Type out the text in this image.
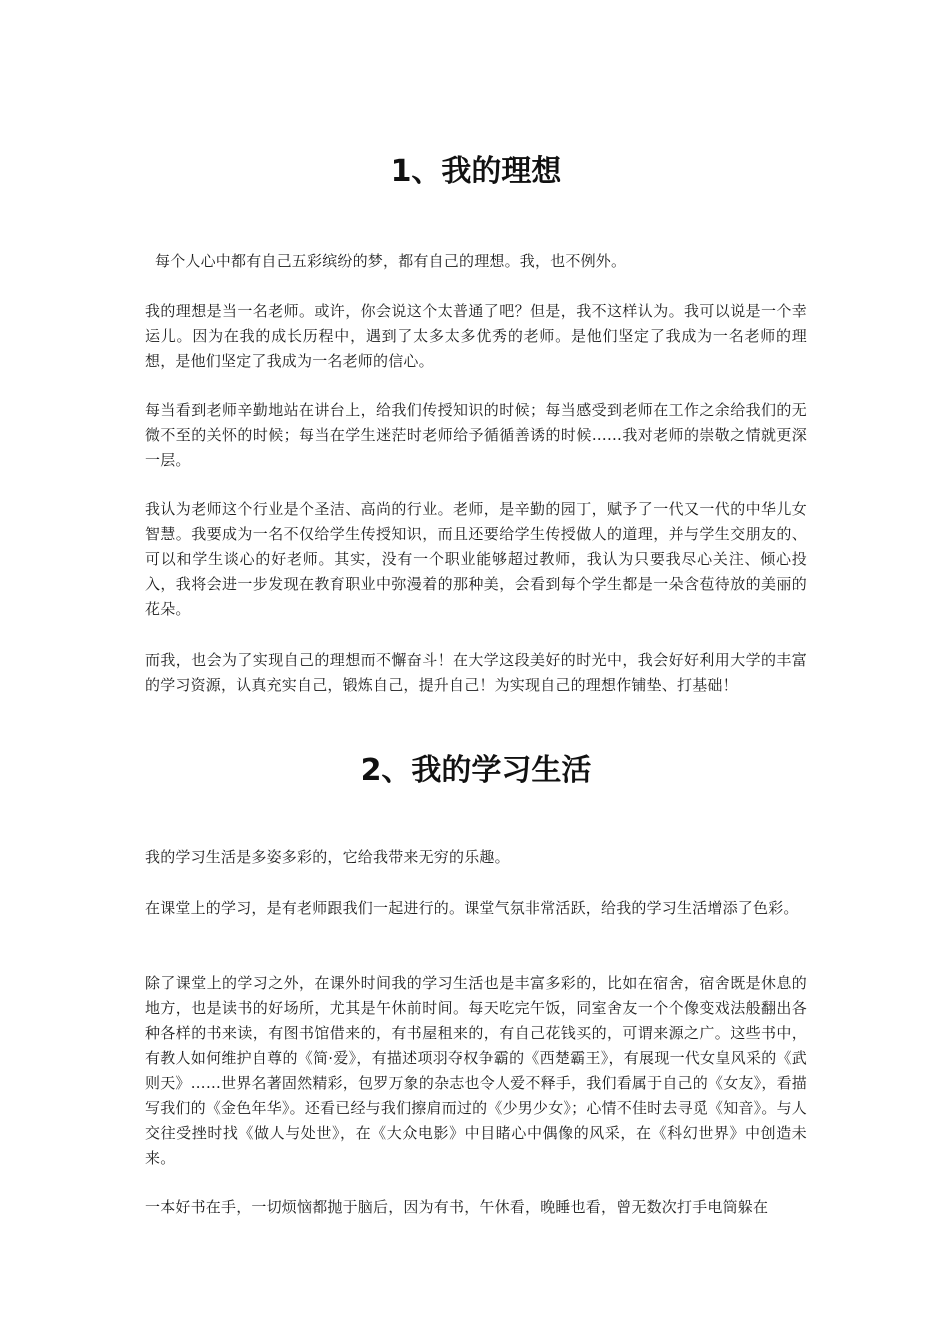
1、我的理想

每个人心中都有自己五彩缤纷的梦，都有自己的理想。我，也不例外。

我的理想是当一名老师。或许，你会说这个太普通了吧？但是，我不这样认为。我可以说是一个幸运儿。因为在我的成长历程中，遇到了太多太多优秀的老师。是他们坚定了我成为一名老师的理想，是他们坚定了我成为一名老师的信心。

每当看到老师辛勤地站在讲台上，给我们传授知识的时候；每当感受到老师在工作之余给我们的无微不至的关怀的时候；每当在学生迷茫时老师给予循循善诱的时候……我对老师的崇敬之情就更深一层。

我认为老师这个行业是个圣洁、高尚的行业。老师，是辛勤的园丁，赋予了一代又一代的中华儿女智慧。我要成为一名不仅给学生传授知识，而且还要给学生传授做人的道理，并与学生交朋友的、可以和学生谈心的好老师。其实，没有一个职业能够超过教师，我认为只要我尽心关注、倾心投入，我将会进一步发现在教育职业中弥漫着的那种美，会看到每个学生都是一朵含苞待放的美丽的花朵。

而我，也会为了实现自己的理想而不懈奋斗！在大学这段美好的时光中，我会好好利用大学的丰富的学习资源，认真充实自己，锻炼自己，提升自己！为实现自己的理想作铺垫、打基础！

2、我的学习生活

我的学习生活是多姿多彩的，它给我带来无穷的乐趣。

在课堂上的学习，是有老师跟我们一起进行的。课堂气氛非常活跃，给我的学习生活增添了色彩。

除了课堂上的学习之外，在课外时间我的学习生活也是丰富多彩的，比如在宿舍，宿舍既是休息的地方，也是读书的好场所，尤其是午休前时间。每天吃完午饭，同室舍友一个个像变戏法般翻出各种各样的书来读，有图书馆借来的，有书屋租来的，有自己花钱买的，可谓来源之广。这些书中，有教人如何维护自尊的《简·爱》，有描述项羽夺权争霸的《西楚霸王》，有展现一代女皇风采的《武则天》……世界名著固然精彩，包罗万象的杂志也令人爱不释手，我们看属于自己的《女友》，看描写我们的《金色年华》。还看已经与我们擦肩而过的《少男少女》；心情不佳时去寻觅《知音》。与人交往受挫时找《做人与处世》，在《大众电影》中目睹心中偶像的风采，在《科幻世界》中创造未来。

一本好书在手，一切烦恼都抛于脑后，因为有书，午休看，晚睡也看，曾无数次打手电筒躲在
